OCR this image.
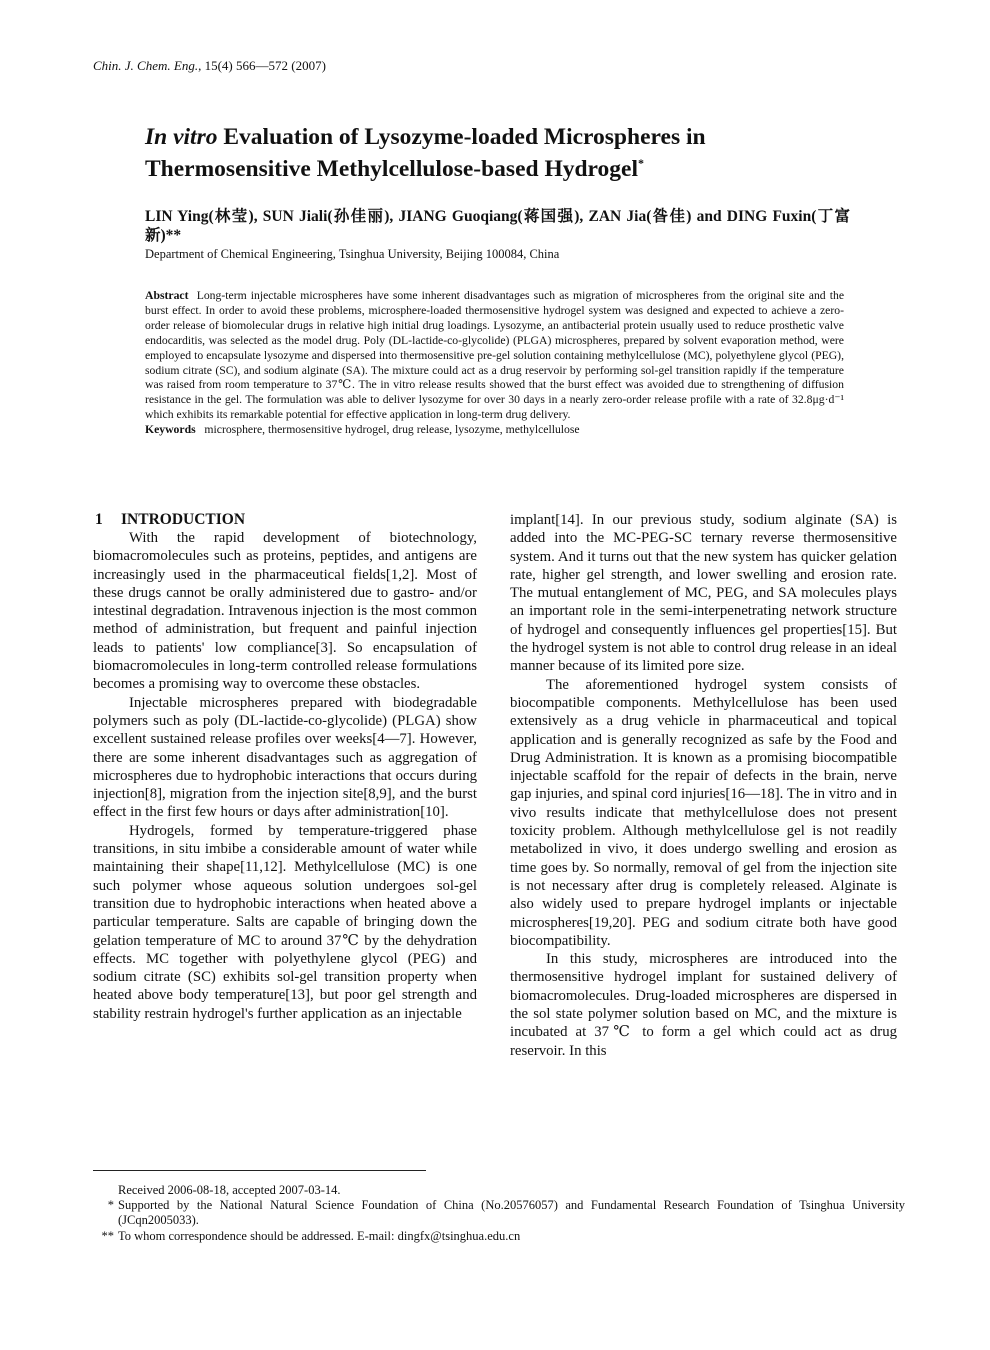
Chin. J. Chem. Eng., 15(4) 566—572 (2007)
In vitro Evaluation of Lysozyme-loaded Microspheres in Thermosensitive Methylcellulose-based Hydrogel*
LIN Ying(林莹), SUN Jiali(孙佳丽), JIANG Guoqiang(蒋国强), ZAN Jia(昝佳) and DING Fuxin(丁富新)**
Department of Chemical Engineering, Tsinghua University, Beijing 100084, China

Abstract Long-term injectable microspheres have some inherent disadvantages such as migration of microspheres from the original site and the burst effect. In order to avoid these problems, microsphere-loaded thermosensitive hydrogel system was designed and expected to achieve a zero-order release of biomolecular drugs in relative high initial drug loadings. Lysozyme, an antibacterial protein usually used to reduce prosthetic valve endocarditis, was selected as the model drug. Poly (DL-lactide-co-glycolide) (PLGA) microspheres, prepared by solvent evaporation method, were employed to encapsulate lysozyme and dispersed into thermosensitive pre-gel solution containing methylcellulose (MC), polyethylene glycol (PEG), sodium citrate (SC), and sodium alginate (SA). The mixture could act as a drug reservoir by performing sol-gel transition rapidly if the temperature was raised from room temperature to 37℃. The in vitro release results showed that the burst effect was avoided due to strengthening of diffusion resistance in the gel. The formulation was able to deliver lysozyme for over 30 days in a nearly zero-order release profile with a rate of 32.8μg·d⁻¹ which exhibits its remarkable potential for effective application in long-term drug delivery.

Keywords microsphere, thermosensitive hydrogel, drug release, lysozyme, methylcellulose

1 INTRODUCTION

With the rapid development of biotechnology, biomacromolecules such as proteins, peptides, and antigens are increasingly used in the pharmaceutical fields[1,2]. Most of these drugs cannot be orally administered due to gastro- and/or intestinal degradation. Intravenous injection is the most common method of administration, but frequent and painful injection leads to patients' low compliance[3]. So encapsulation of biomacromolecules in long-term controlled release formulations becomes a promising way to overcome these obstacles.

Injectable microspheres prepared with biodegradable polymers such as poly (DL-lactide-co-glycolide) (PLGA) show excellent sustained release profiles over weeks[4—7]. However, there are some inherent disadvantages such as aggregation of microspheres due to hydrophobic interactions that occurs during injection[8], migration from the injection site[8,9], and the burst effect in the first few hours or days after administration[10].

Hydrogels, formed by temperature-triggered phase transitions, in situ imbibe a considerable amount of water while maintaining their shape[11,12]. Methylcellulose (MC) is one such polymer whose aqueous solution undergoes sol-gel transition due to hydrophobic interactions when heated above a particular temperature. Salts are capable of bringing down the gelation temperature of MC to around 37℃ by the dehydration effects. MC together with polyethylene glycol (PEG) and sodium citrate (SC) exhibits sol-gel transition property when heated above body temperature[13], but poor gel strength and stability restrain hydrogel's further application as an injectable

implant[14]. In our previous study, sodium alginate (SA) is added into the MC-PEG-SC ternary reverse thermosensitive system. And it turns out that the new system has quicker gelation rate, higher gel strength, and lower swelling and erosion rate. The mutual entanglement of MC, PEG, and SA molecules plays an important role in the semi-interpenetrating network structure of hydrogel and consequently influences gel properties[15]. But the hydrogel system is not able to control drug release in an ideal manner because of its limited pore size.

The aforementioned hydrogel system consists of biocompatible components. Methylcellulose has been used extensively as a drug vehicle in pharmaceutical and topical application and is generally recognized as safe by the Food and Drug Administration. It is known as a promising biocompatible injectable scaffold for the repair of defects in the brain, nerve gap injuries, and spinal cord injuries[16—18]. The in vitro and in vivo results indicate that methylcellulose does not present toxicity problem. Although methylcellulose gel is not readily metabolized in vivo, it does undergo swelling and erosion as time goes by. So normally, removal of gel from the injection site is not necessary after drug is completely released. Alginate is also widely used to prepare hydrogel implants or injectable microspheres[19,20]. PEG and sodium citrate both have good biocompatibility.

In this study, microspheres are introduced into the thermosensitive hydrogel implant for sustained delivery of biomacromolecules. Drug-loaded microspheres are dispersed in the sol state polymer solution based on MC, and the mixture is incubated at 37℃ to form a gel which could act as drug reservoir. In this

Received 2006-08-18, accepted 2007-03-14.
* Supported by the National Natural Science Foundation of China (No.20576057) and Fundamental Research Foundation of Tsinghua University (JCqn2005033).
** To whom correspondence should be addressed. E-mail: dingfx@tsinghua.edu.cn
